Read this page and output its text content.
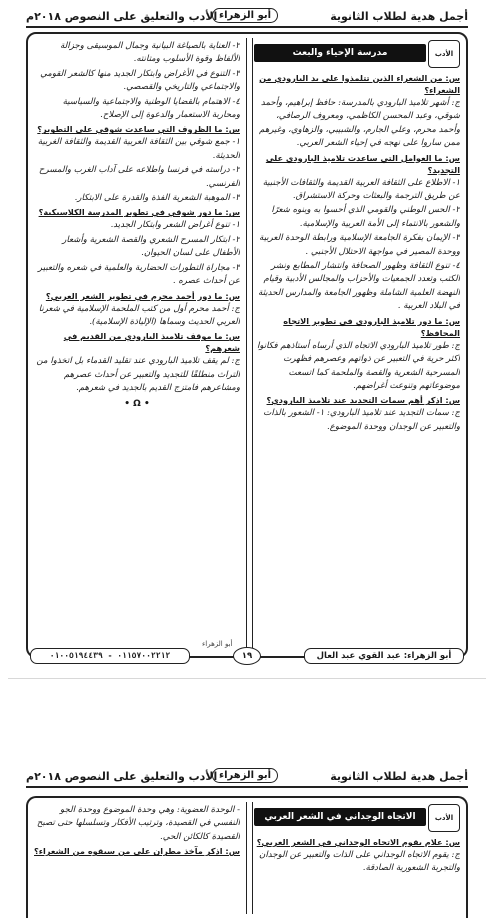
أجمل هدية لطلاب الثانوية
أبو الزهراء
الأدب والتعليق على النصوص ٢٠١٨م
الأدب
مدرسة الإحياء والبعث
س: من الشعراء الذين تتلمذوا على يد البارودي من الشعراء؟

ج: أشهر تلاميذ البارودي بالمدرسة: حافظ إبراهيم، وأحمد شوقي، وعبد المحسن الكاظمي، ومعروف الرصافي، وأحمد محرم، وعلي الجارم، والشبيبي، والزهاوي، وغيرهم ممن ساروا على نهجه في إحياء الشعر العربي.

س: ما العوامل التي ساعدت تلاميذ البارودي على التجديد؟

١- الاطلاع على الثقافة العربية القديمة والثقافات الأجنبية عن طريق الترجمة والبعثات وحركة الاستشراق.

٢- الحس الوطني والقومي الذي أحسوا به وبنوه شعرًا والشعور بالانتماء إلى الأمة العربية والإسلامية.

٣- الإيمان بفكرة الجامعة الإسلامية ورابطة الوحدة العربية ووحدة المصير في مواجهة الاحتلال الأجنبي .

٤- تنوع الثقافة وظهور الصحافة وانتشار المطابع ونشر الكتب وتعدد الجمعيات والأحزاب والمجالس الأدبية وقيام النهضة العلمية الشاملة وظهور الجامعة والمدارس الحديثة في البلاد العربية .

س: ما دور تلاميذ البارودي في تطوير الاتجاه المحافظ؟

ج: طور تلاميذ البارودي الاتجاه الذي أرساه أستاذهم فكانوا أكثر حرية في التعبير عن ذواتهم وعصرهم فظهرت المسرحية الشعرية والقصة والملحمة كما اتسعت موضوعاتهم وتنوعت أغراضهم.

س: اذكر أهم سمات التجديد عند تلاميذ البارودي؟

ج: سمات التجديد عند تلاميذ البارودي: ١- الشعور بالذات والتعبير عن الوجدان ووحدة الموضوع.

٢- العناية بالصياغة البيانية وجمال الموسيقى وجزالة الألفاظ وقوة الأسلوب ومتانته.

٣- التنوع في الأغراض وابتكار الجديد منها كالشعر القومي والاجتماعي والتاريخي والقصصي.

٤- الاهتمام بالقضايا الوطنية والاجتماعية والسياسية ومحاربة الاستعمار والدعوة إلى الإصلاح.

س: ما الظروف التي ساعدت شوقي على التطوير؟

١- جمع شوقي بين الثقافة العربية القديمة والثقافة الغربية الحديثة.

٢- دراسته في فرنسا واطلاعه على آداب الغرب والمسرح الفرنسي.

٣- الموهبة الشعرية الفذة والقدرة على الابتكار.

س: ما دور شوقي في تطوير المدرسة الكلاسيكية؟

١- تنوع أغراض الشعر وابتكار الجديد.

٢- ابتكار المسرح الشعري والقصة الشعرية وأشعار الأطفال على لسان الحيوان.

٣- مجاراة التطورات الحضارية والعلمية في شعره والتعبير عن أحداث عصره .

س: ما دور أحمد محرم في تطوير الشعر العربي؟

ج: أحمد محرم أول من كتب الملحمة الإسلامية في شعرنا العربي الحديث وسماها (الإلياذة الإسلامية).

س: ما موقف تلاميذ البارودي من القديم في شعرهم؟

ج: لم يقف تلاميذ البارودي عند تقليد القدماء بل اتخذوا من التراث منطلقًا للتجديد والتعبير عن أحداث عصرهم ومشاعرهم فامتزج القديم بالجديد في شعرهم.

• Ω •
٠١١٥٧٠٠٢٢١٢ - ٠١٠٠٥١٩٤٤٣٩	١٩	أبو الزهراء: عبد القوي عبد العال
أبو الزهراء
أجمل هدية لطلاب الثانوية
أبو الزهراء
الأدب والتعليق على النصوص ٢٠١٨م
الأدب
الاتجاه الوجداني في الشعر العربي
س: علام يقوم الاتجاه الوجداني في الشعر العربي؟

ج: يقوم الاتجاه الوجداني على الذات والتعبير عن الوجدان والتجربة الشعورية الصادقة.

- الوحدة العضوية: وهي وحدة الموضوع ووحدة الجو النفسي في القصيدة، وترتيب الأفكار وتسلسلها حتى تصبح القصيدة كالكائن الحي.

س: اذكر مآخذ مطران على من سبقوه من الشعراء؟
